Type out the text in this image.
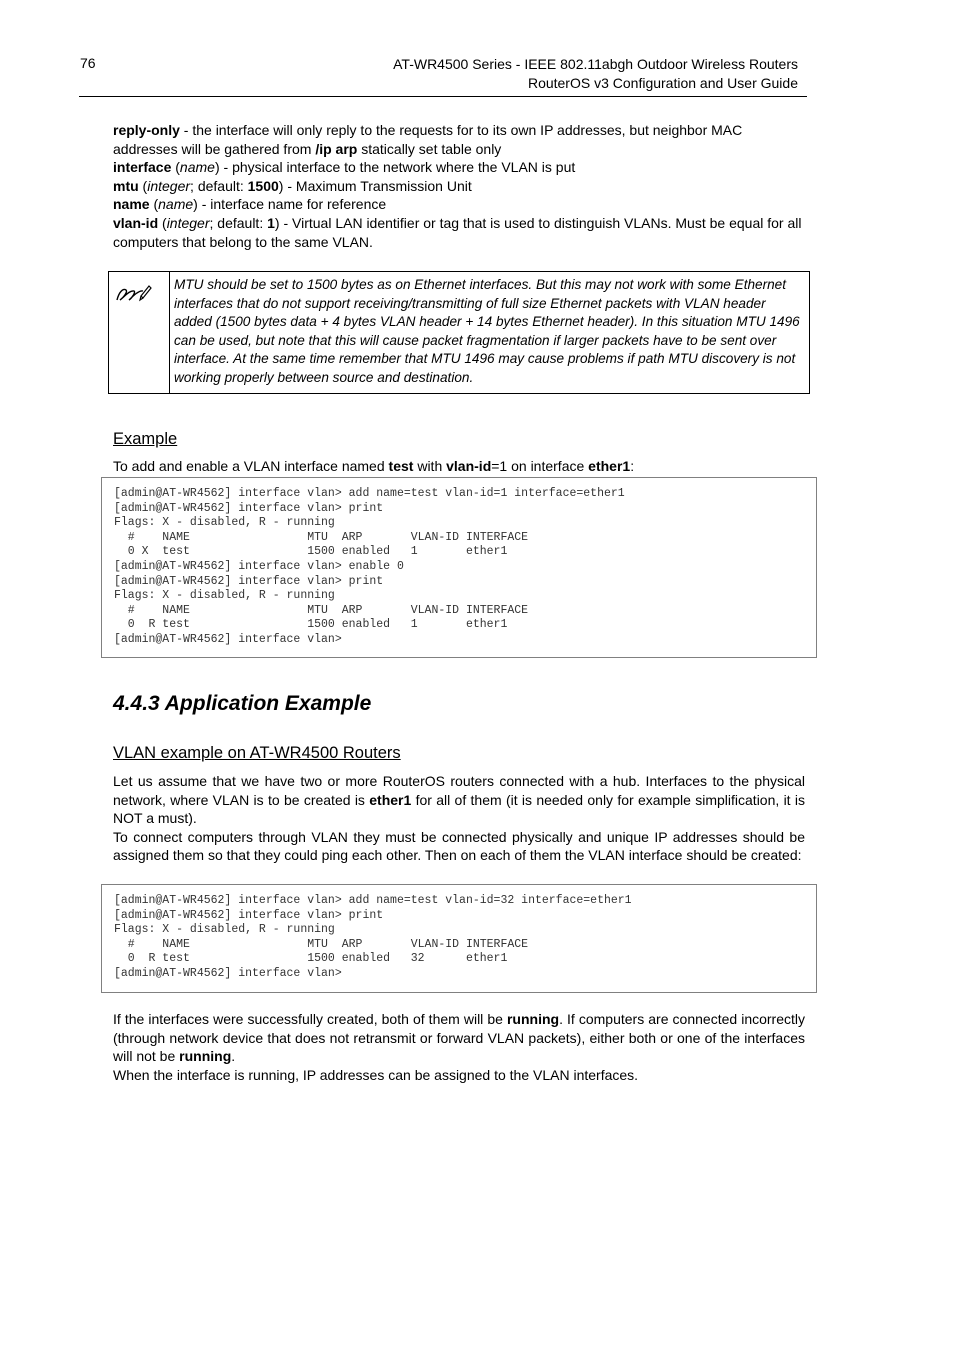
76	AT-WR4500 Series - IEEE 802.11abgh Outdoor Wireless Routers
RouterOS v3 Configuration and User Guide

reply-only - the interface will only reply to the requests for to its own IP addresses, but neighbor MAC addresses will be gathered from /ip arp statically set table only

interface (name) - physical interface to the network where the VLAN is put

mtu (integer; default: 1500) - Maximum Transmission Unit

name (name) - interface name for reference

vlan-id (integer; default: 1) - Virtual LAN identifier or tag that is used to distinguish VLANs. Must be equal for all computers that belong to the same VLAN.

MTU should be set to 1500 bytes as on Ethernet interfaces. But this may not work with some Ethernet interfaces that do not support receiving/transmitting of full size Ethernet packets with VLAN header added (1500 bytes data + 4 bytes VLAN header + 14 bytes Ethernet header). In this situation MTU 1496 can be used, but note that this will cause packet fragmentation if larger packets have to be sent over interface. At the same time remember that MTU 1496 may cause problems if path MTU discovery is not working properly between source and destination.
Example

To add and enable a VLAN interface named test with vlan-id=1 on interface ether1:

[admin@AT-WR4562] interface vlan> add name=test vlan-id=1 interface=ether1
[admin@AT-WR4562] interface vlan> print
Flags: X - disabled, R - running
#    NAME                 MTU  ARP       VLAN-ID INTERFACE
0 X  test                 1500 enabled   1       ether1
[admin@AT-WR4562] interface vlan> enable 0
[admin@AT-WR4562] interface vlan> print
Flags: X - disabled, R - running
#    NAME                 MTU  ARP       VLAN-ID INTERFACE
0  R test                 1500 enabled   1       ether1
[admin@AT-WR4562] interface vlan>
4.4.3 Application Example
VLAN example on AT-WR4500 Routers

Let us assume that we have two or more RouterOS routers connected with a hub. Interfaces to the physical network, where VLAN is to be created is ether1 for all of them (it is needed only for example simplification, it is NOT a must).

To connect computers through VLAN they must be connected physically and unique IP addresses should be assigned them so that they could ping each other. Then on each of them the VLAN interface should be created:

[admin@AT-WR4562] interface vlan> add name=test vlan-id=32 interface=ether1
[admin@AT-WR4562] interface vlan> print
Flags: X - disabled, R - running
#    NAME                 MTU  ARP       VLAN-ID INTERFACE
0  R test                 1500 enabled   32      ether1
[admin@AT-WR4562] interface vlan>

If the interfaces were successfully created, both of them will be running. If computers are connected incorrectly (through network device that does not retransmit or forward VLAN packets), either both or one of the interfaces will not be running.

When the interface is running, IP addresses can be assigned to the VLAN interfaces.
